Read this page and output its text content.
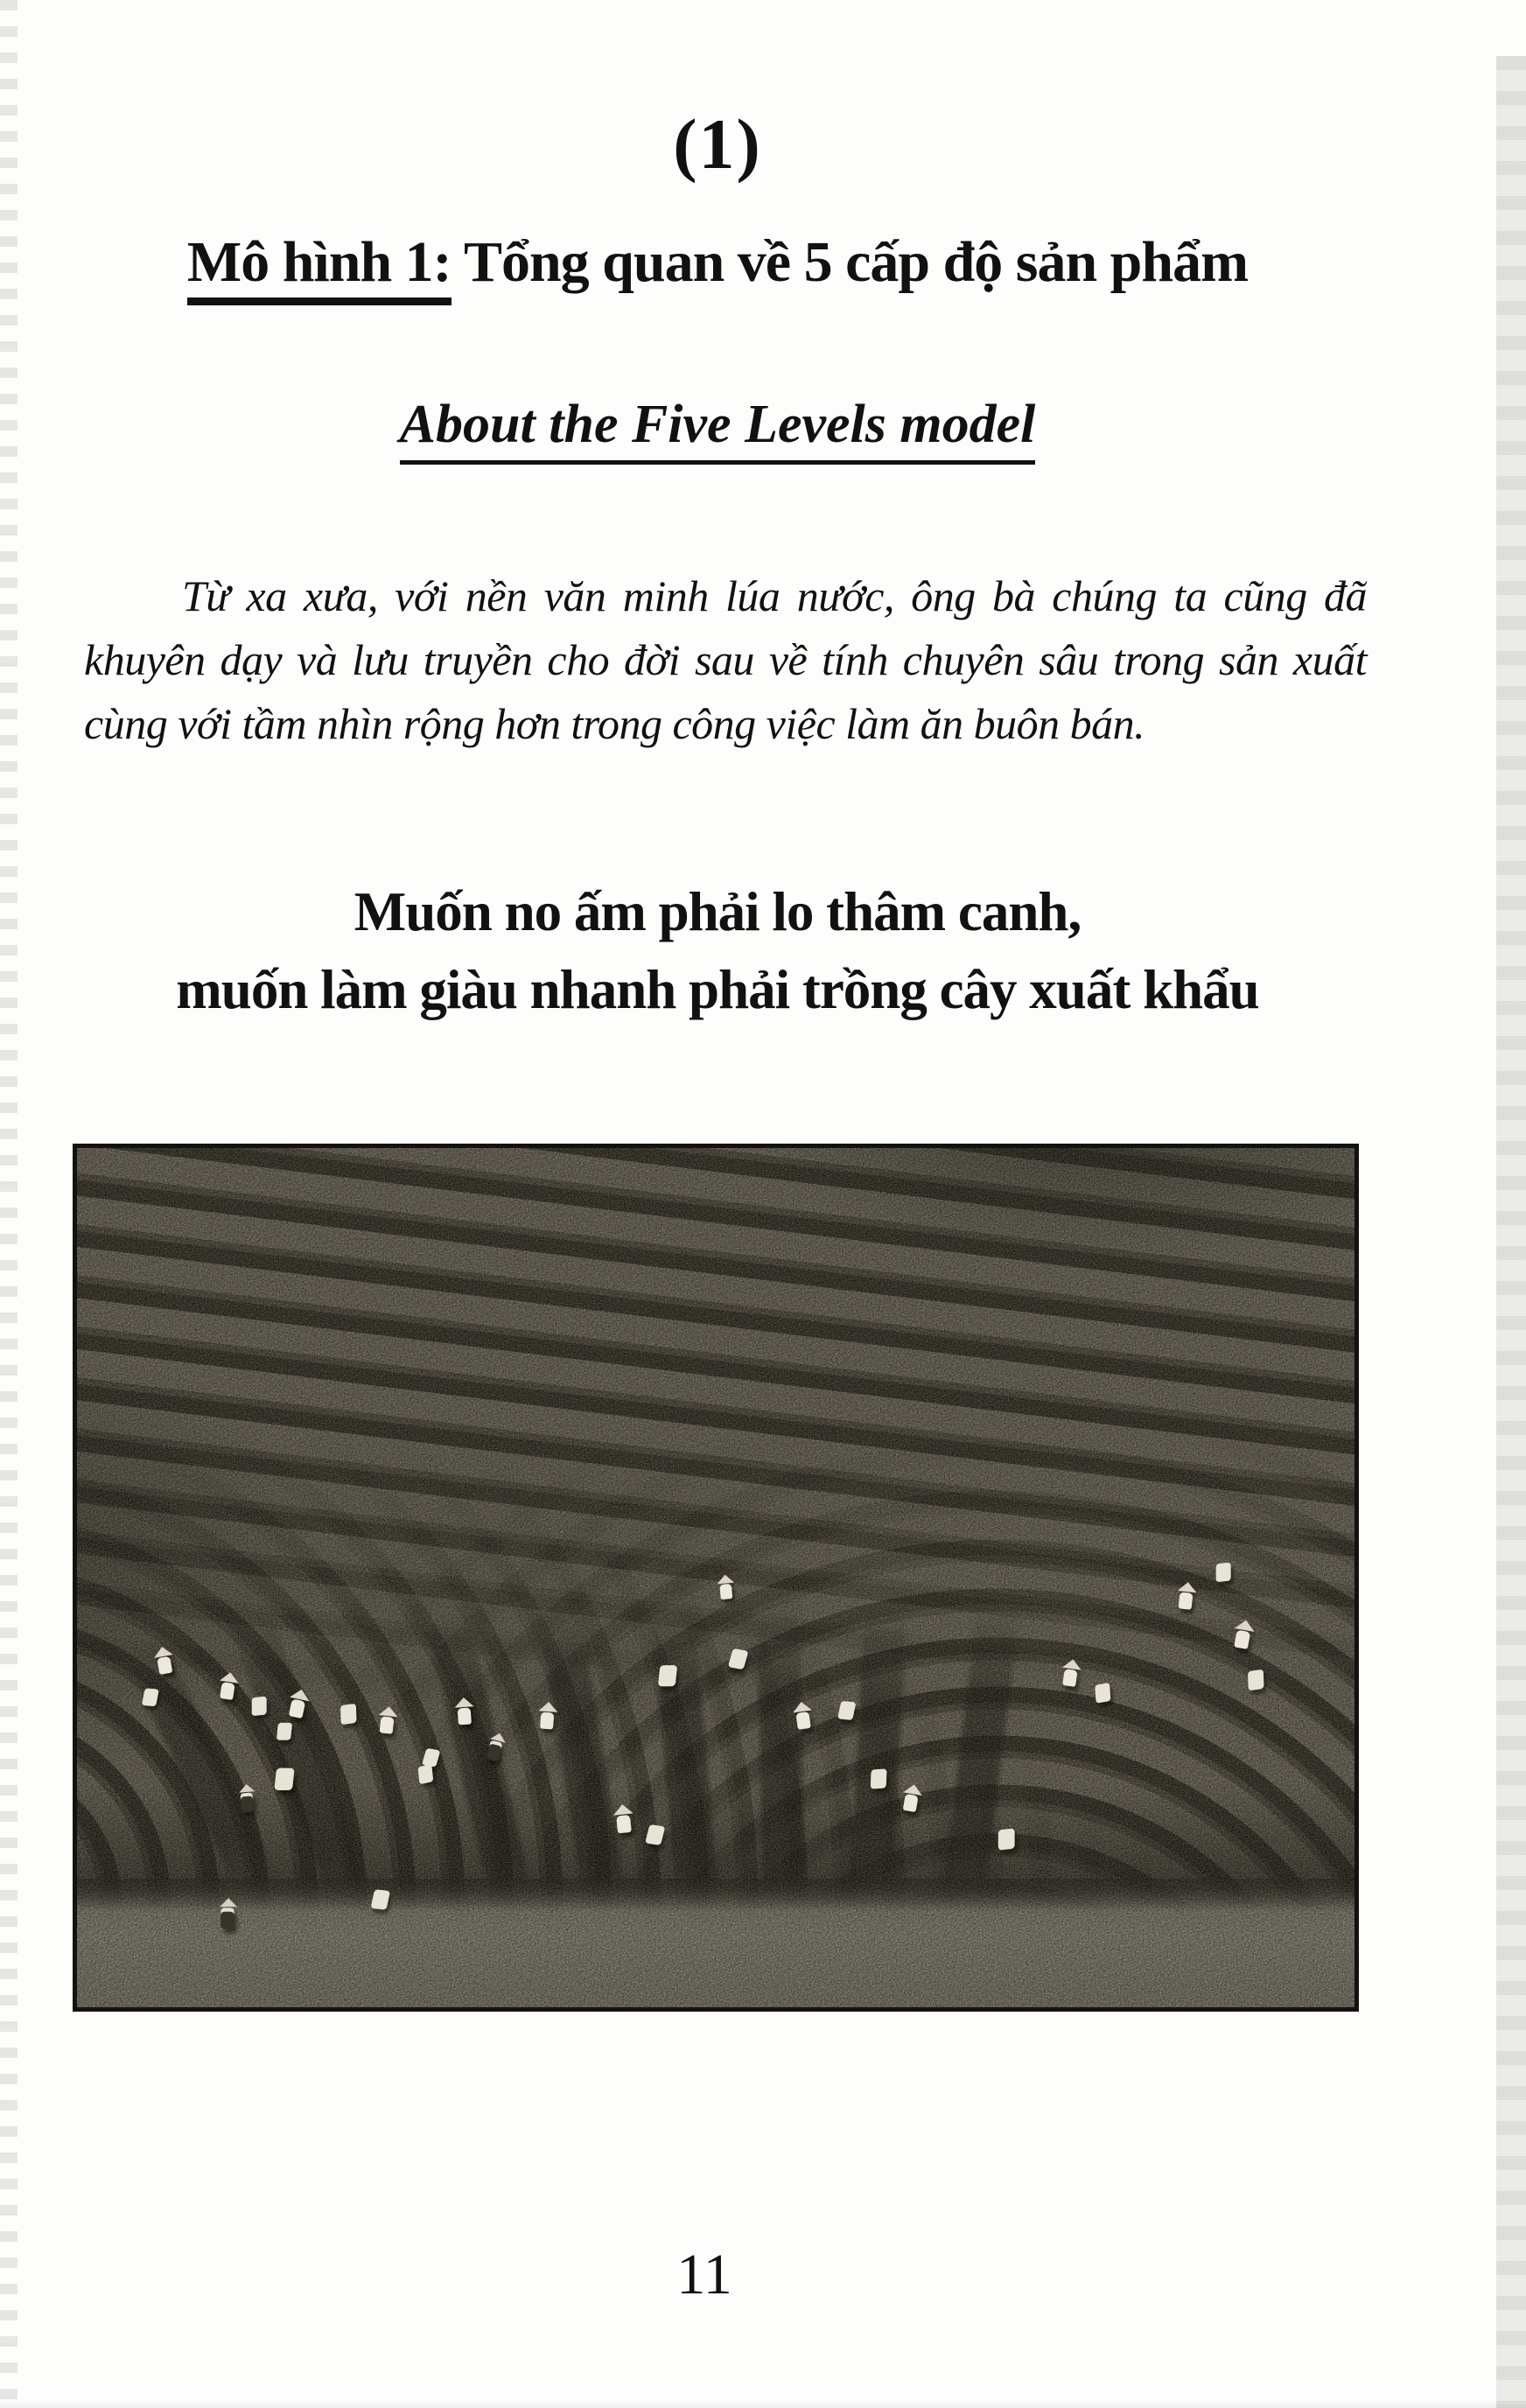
(1)
Mô hình 1: Tổng quan về 5 cấp độ sản phẩm
About the Five Levels model
Từ xa xưa, với nền văn minh lúa nước, ông bà chúng ta cũng đã khuyên dạy và lưu truyền cho đời sau về tính chuyên sâu trong sản xuất cùng với tầm nhìn rộng hơn trong công việc làm ăn buôn bán.
Muốn no ấm phải lo thâm canh,
muốn làm giàu nhanh phải trồng cây xuất khẩu
11
